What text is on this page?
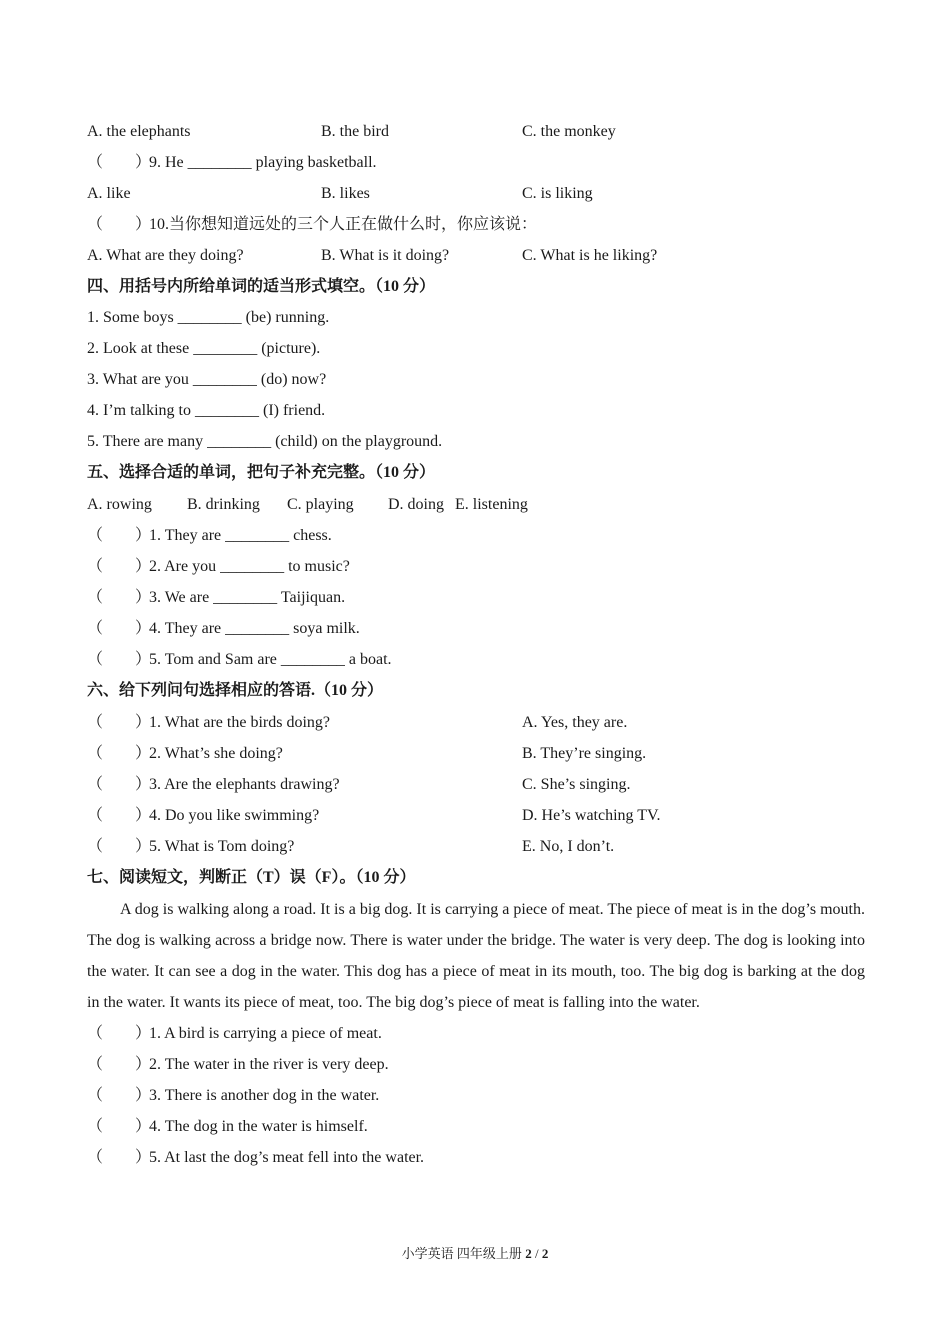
A. the elephants	B. the bird	C. the monkey
（　　）9. He ________ playing basketball.
A. like	B. likes	C. is liking
（　　）10.当你想知道远处的三个人正在做什么时，你应该说：
A. What are they doing?	B. What is it doing?	C. What is he liking?
四、用括号内所给单词的适当形式填空。（10 分）
1. Some boys ________ (be) running.
2. Look at these ________ (picture).
3. What are you ________ (do) now?
4. I’m talking to ________ (I) friend.
5. There are many ________ (child) on the playground.
五、选择合适的单词，把句子补充完整。（10 分）
A. rowing B. drinking C. playing D. doing E. listening
（　　）1. They are ________ chess.
（　　）2. Are you ________ to music?
（　　）3. We are ________ Taijiquan.
（　　）4. They are ________ soya milk.
（　　）5. Tom and Sam are ________ a boat.
六、给下列问句选择相应的答语.（10 分）
（　　）1. What are the birds doing?	A. Yes, they are.
（　　）2. What’s she doing?	B. They’re singing.
（　　）3. Are the elephants drawing?	C. She’s singing.
（　　）4. Do you like swimming?	D. He’s watching TV.
（　　）5. What is Tom doing?	E. No, I don’t.
七、阅读短文，判断正（T）误（F）。（10 分）
A dog is walking along a road. It is a big dog. It is carrying a piece of meat. The piece of meat is in the dog’s mouth. The dog is walking across a bridge now. There is water under the bridge. The water is very deep. The dog is looking into the water. It can see a dog in the water. This dog has a piece of meat in its mouth, too. The big dog is barking at the dog in the water. It wants its piece of meat, too. The big dog’s piece of meat is falling into the water.
（　　）1. A bird is carrying a piece of meat.
（　　）2. The water in the river is very deep.
（　　）3. There is another dog in the water.
（　　）4. The dog in the water is himself.
（　　）5. At last the dog’s meat fell into the water.
小学英语 四年级上册 2 / 2
